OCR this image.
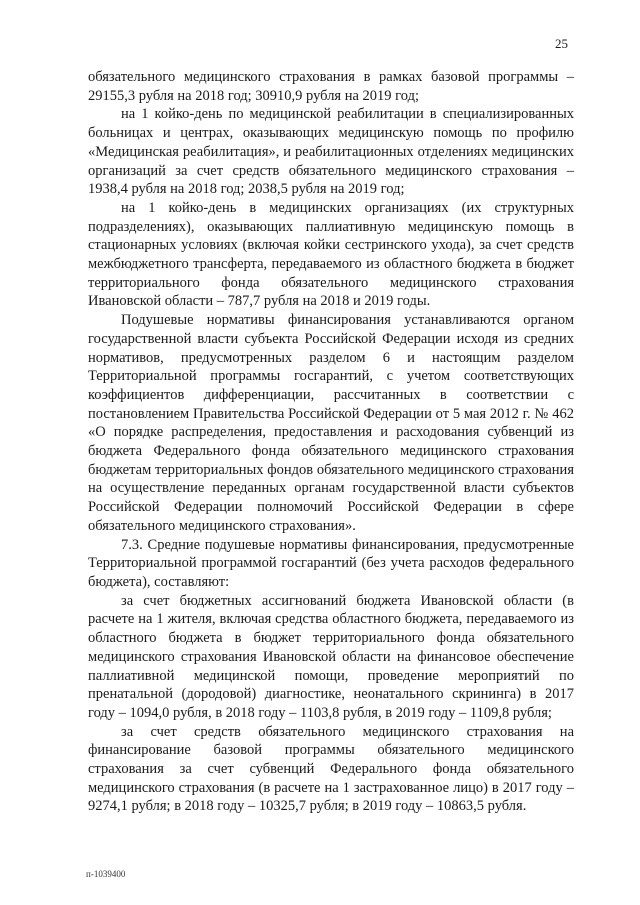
25

обязательного медицинского страхования в рамках базовой программы – 29155,3 рубля на 2018 год; 30910,9 рубля на 2019 год;

на 1 койко-день по медицинской реабилитации в специализированных больницах и центрах, оказывающих медицинскую помощь по профилю «Медицинская реабилитация», и реабилитационных отделениях медицинских организаций за счет средств обязательного медицинского страхования – 1938,4 рубля на 2018 год; 2038,5 рубля на 2019 год;

на 1 койко-день в медицинских организациях (их структурных подразделениях), оказывающих паллиативную медицинскую помощь в стационарных условиях (включая койки сестринского ухода), за счет средств межбюджетного трансферта, передаваемого из областного бюджета в бюджет территориального фонда обязательного медицинского страхования Ивановской области – 787,7 рубля на 2018 и 2019 годы.

Подушевые нормативы финансирования устанавливаются органом государственной власти субъекта Российской Федерации исходя из средних нормативов, предусмотренных разделом 6 и настоящим разделом Территориальной программы госгарантий, с учетом соответствующих коэффициентов дифференциации, рассчитанных в соответствии с постановлением Правительства Российской Федерации от 5 мая 2012 г. № 462 «О порядке распределения, предоставления и расходования субвенций из бюджета Федерального фонда обязательного медицинского страхования бюджетам территориальных фондов обязательного медицинского страхования на осуществление переданных органам государственной власти субъектов Российской Федерации полномочий Российской Федерации в сфере обязательного медицинского страхования».

7.3. Средние подушевые нормативы финансирования, предусмотренные Территориальной программой госгарантий (без учета расходов федерального бюджета), составляют:

за счет бюджетных ассигнований бюджета Ивановской области (в расчете на 1 жителя, включая средства областного бюджета, передаваемого из областного бюджета в бюджет территориального фонда обязательного медицинского страхования Ивановской области на финансовое обеспечение паллиативной медицинской помощи, проведение мероприятий по пренатальной (дородовой) диагностике, неонатального скрининга) в 2017 году – 1094,0 рубля, в 2018 году – 1103,8 рубля, в 2019 году – 1109,8 рубля;

за счет средств обязательного медицинского страхования на финансирование базовой программы обязательного медицинского страхования за счет субвенций Федерального фонда обязательного медицинского страхования (в расчете на 1 застрахованное лицо) в 2017 году – 9274,1 рубля; в 2018 году – 10325,7 рубля; в 2019 году – 10863,5 рубля.

п-1039400
